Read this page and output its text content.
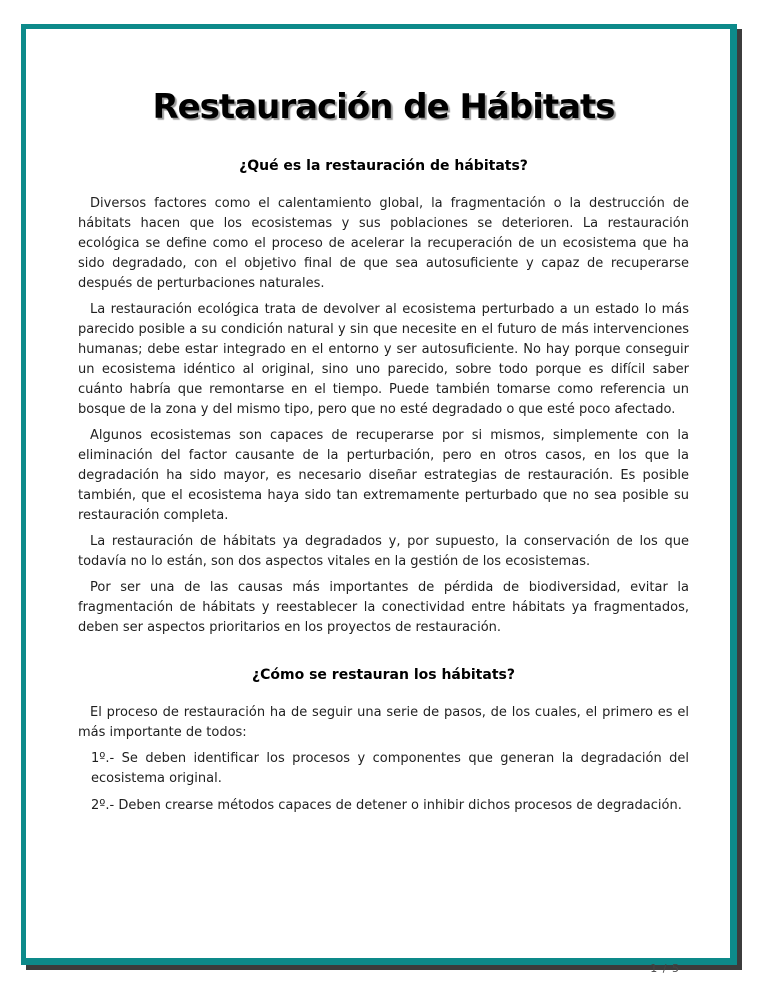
Restauración de Hábitats
¿Qué es la restauración de hábitats?

Diversos factores como el calentamiento global, la fragmentación o la destrucción de hábitats hacen que los ecosistemas y sus poblaciones se deterioren. La restauración ecológica se define como el proceso de acelerar la recuperación de un ecosistema que ha sido degradado, con el objetivo final de que sea autosuficiente y capaz de recuperarse después de perturbaciones naturales.

La restauración ecológica trata de devolver al ecosistema perturbado a un estado lo más parecido posible a su condición natural y sin que necesite en el futuro de más intervenciones humanas; debe estar integrado en el entorno y ser autosuficiente. No hay porque conseguir un ecosistema idéntico al original, sino uno parecido, sobre todo porque es difícil saber cuánto habría que remontarse en el tiempo. Puede también tomarse como referencia un bosque de la zona y del mismo tipo, pero que no esté degradado o que esté poco afectado.

Algunos ecosistemas son capaces de recuperarse por si mismos, simplemente con la eliminación del factor causante de la perturbación, pero en otros casos, en los que la degradación ha sido mayor, es necesario diseñar estrategias de restauración. Es posible también, que el ecosistema haya sido tan extremamente perturbado que no sea posible su restauración completa.

La restauración de hábitats ya degradados y, por supuesto, la conservación de los que todavía no lo están, son dos aspectos vitales en la gestión de los ecosistemas.

Por ser una de las causas más importantes de pérdida de biodiversidad, evitar la fragmentación de hábitats y reestablecer la conectividad entre hábitats ya fragmentados, deben ser aspectos prioritarios en los proyectos de restauración.

¿Cómo se restauran los hábitats?

El proceso de restauración ha de seguir una serie de pasos, de los cuales, el primero es el más importante de todos:

1º.- Se deben identificar los procesos y componentes que generan la degradación del ecosistema original.

2º.- Deben crearse métodos capaces de detener o inhibir dichos procesos de degradación.

1 / 5
